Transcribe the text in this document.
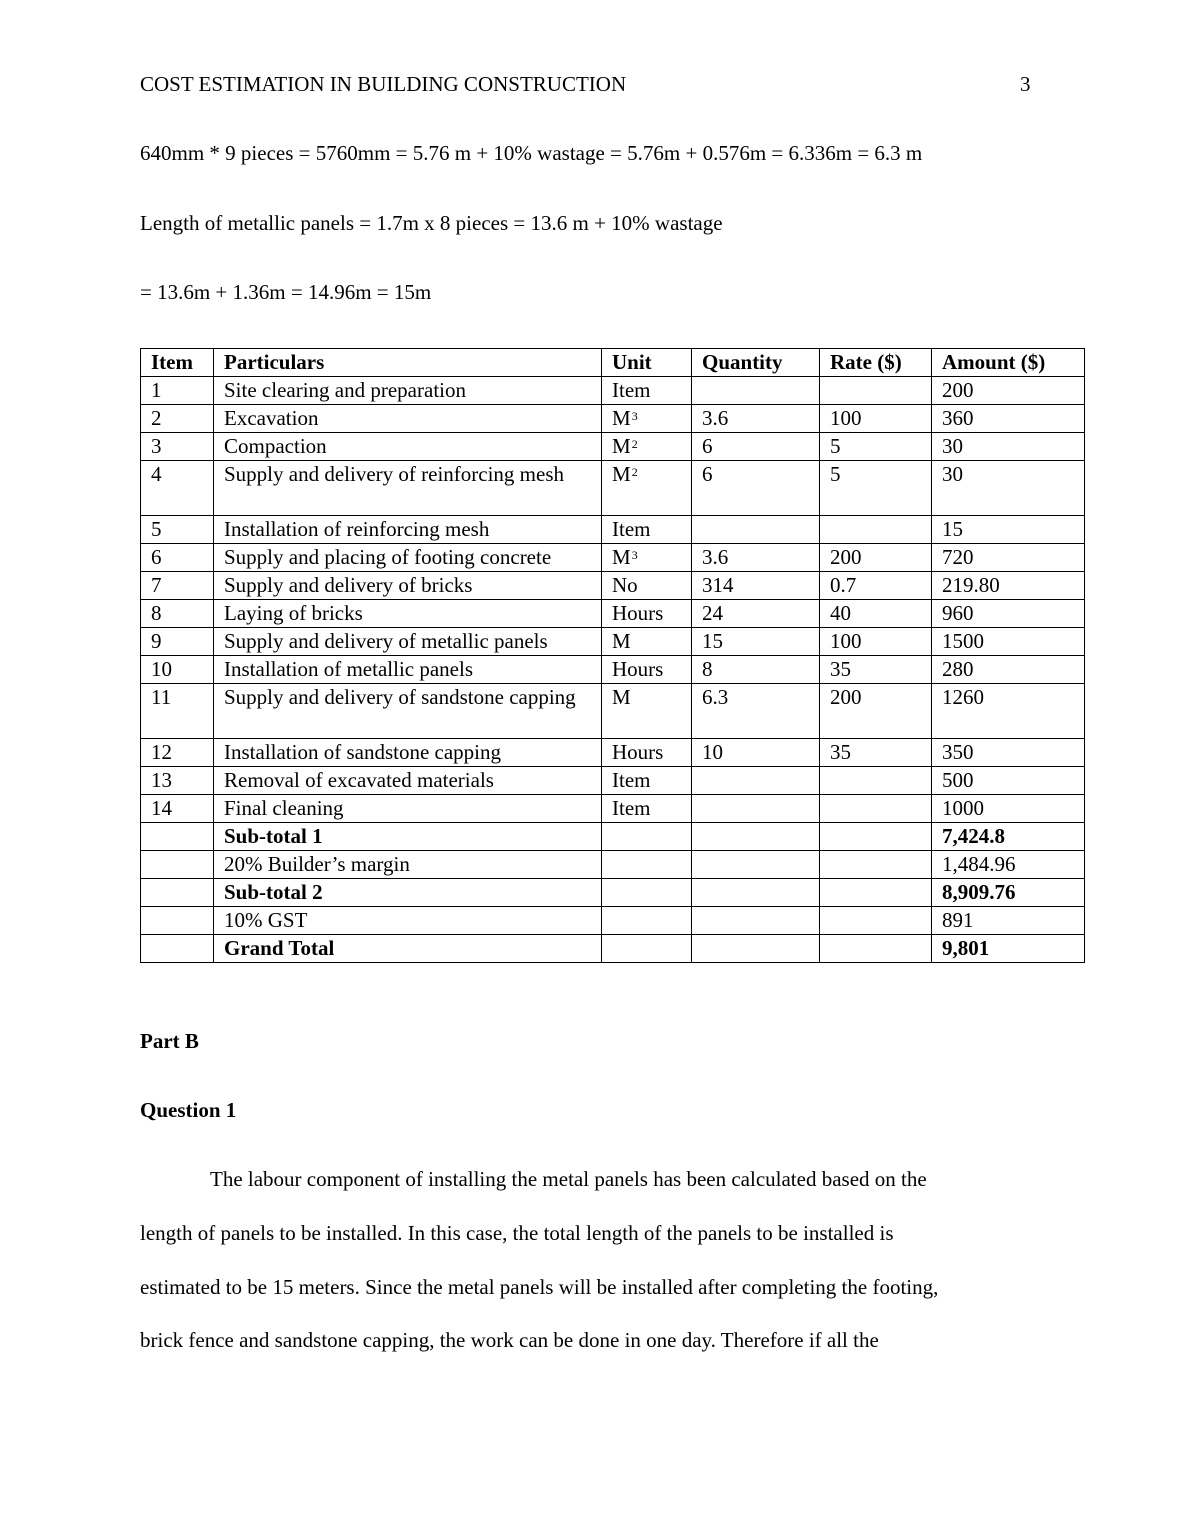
COST ESTIMATION IN BUILDING CONSTRUCTION	3
640mm * 9 pieces = 5760mm = 5.76 m + 10% wastage = 5.76m + 0.576m = 6.336m = 6.3 m
Length of metallic panels = 1.7m x 8 pieces = 13.6 m + 10% wastage
= 13.6m + 1.36m = 14.96m = 15m
Item	Particulars	Unit	Quantity	Rate ($)	Amount ($)
1	Site clearing and preparation	Item			200
2	Excavation	$M^3$	3.6	100	360
3	Compaction	$M^2$	6	5	30
4	Supply and delivery of reinforcing mesh	$M^2$	6	5	30
5	Installation of reinforcing mesh	Item			15
6	Supply and placing of footing concrete	$M^3$	3.6	200	720
7	Supply and delivery of bricks	No	314	0.7	219.80
8	Laying of bricks	Hours	24	40	960
9	Supply and delivery of metallic panels	M	15	100	1500
10	Installation of metallic panels	Hours	8	35	280
11	Supply and delivery of sandstone capping	M	6.3	200	1260
12	Installation of sandstone capping	Hours	10	35	350
13	Removal of excavated materials	Item			500
14	Final cleaning	Item			1000
	Sub-total 1				7,424.8
	20% Builder’s margin				1,484.96
	Sub-total 2				8,909.76
	10% GST				891
	Grand Total				9,801
Part B
Question 1
The labour component of installing the metal panels has been calculated based on the
length of panels to be installed. In this case, the total length of the panels to be installed is
estimated to be 15 meters. Since the metal panels will be installed after completing the footing,
brick fence and sandstone capping, the work can be done in one day. Therefore if all the
